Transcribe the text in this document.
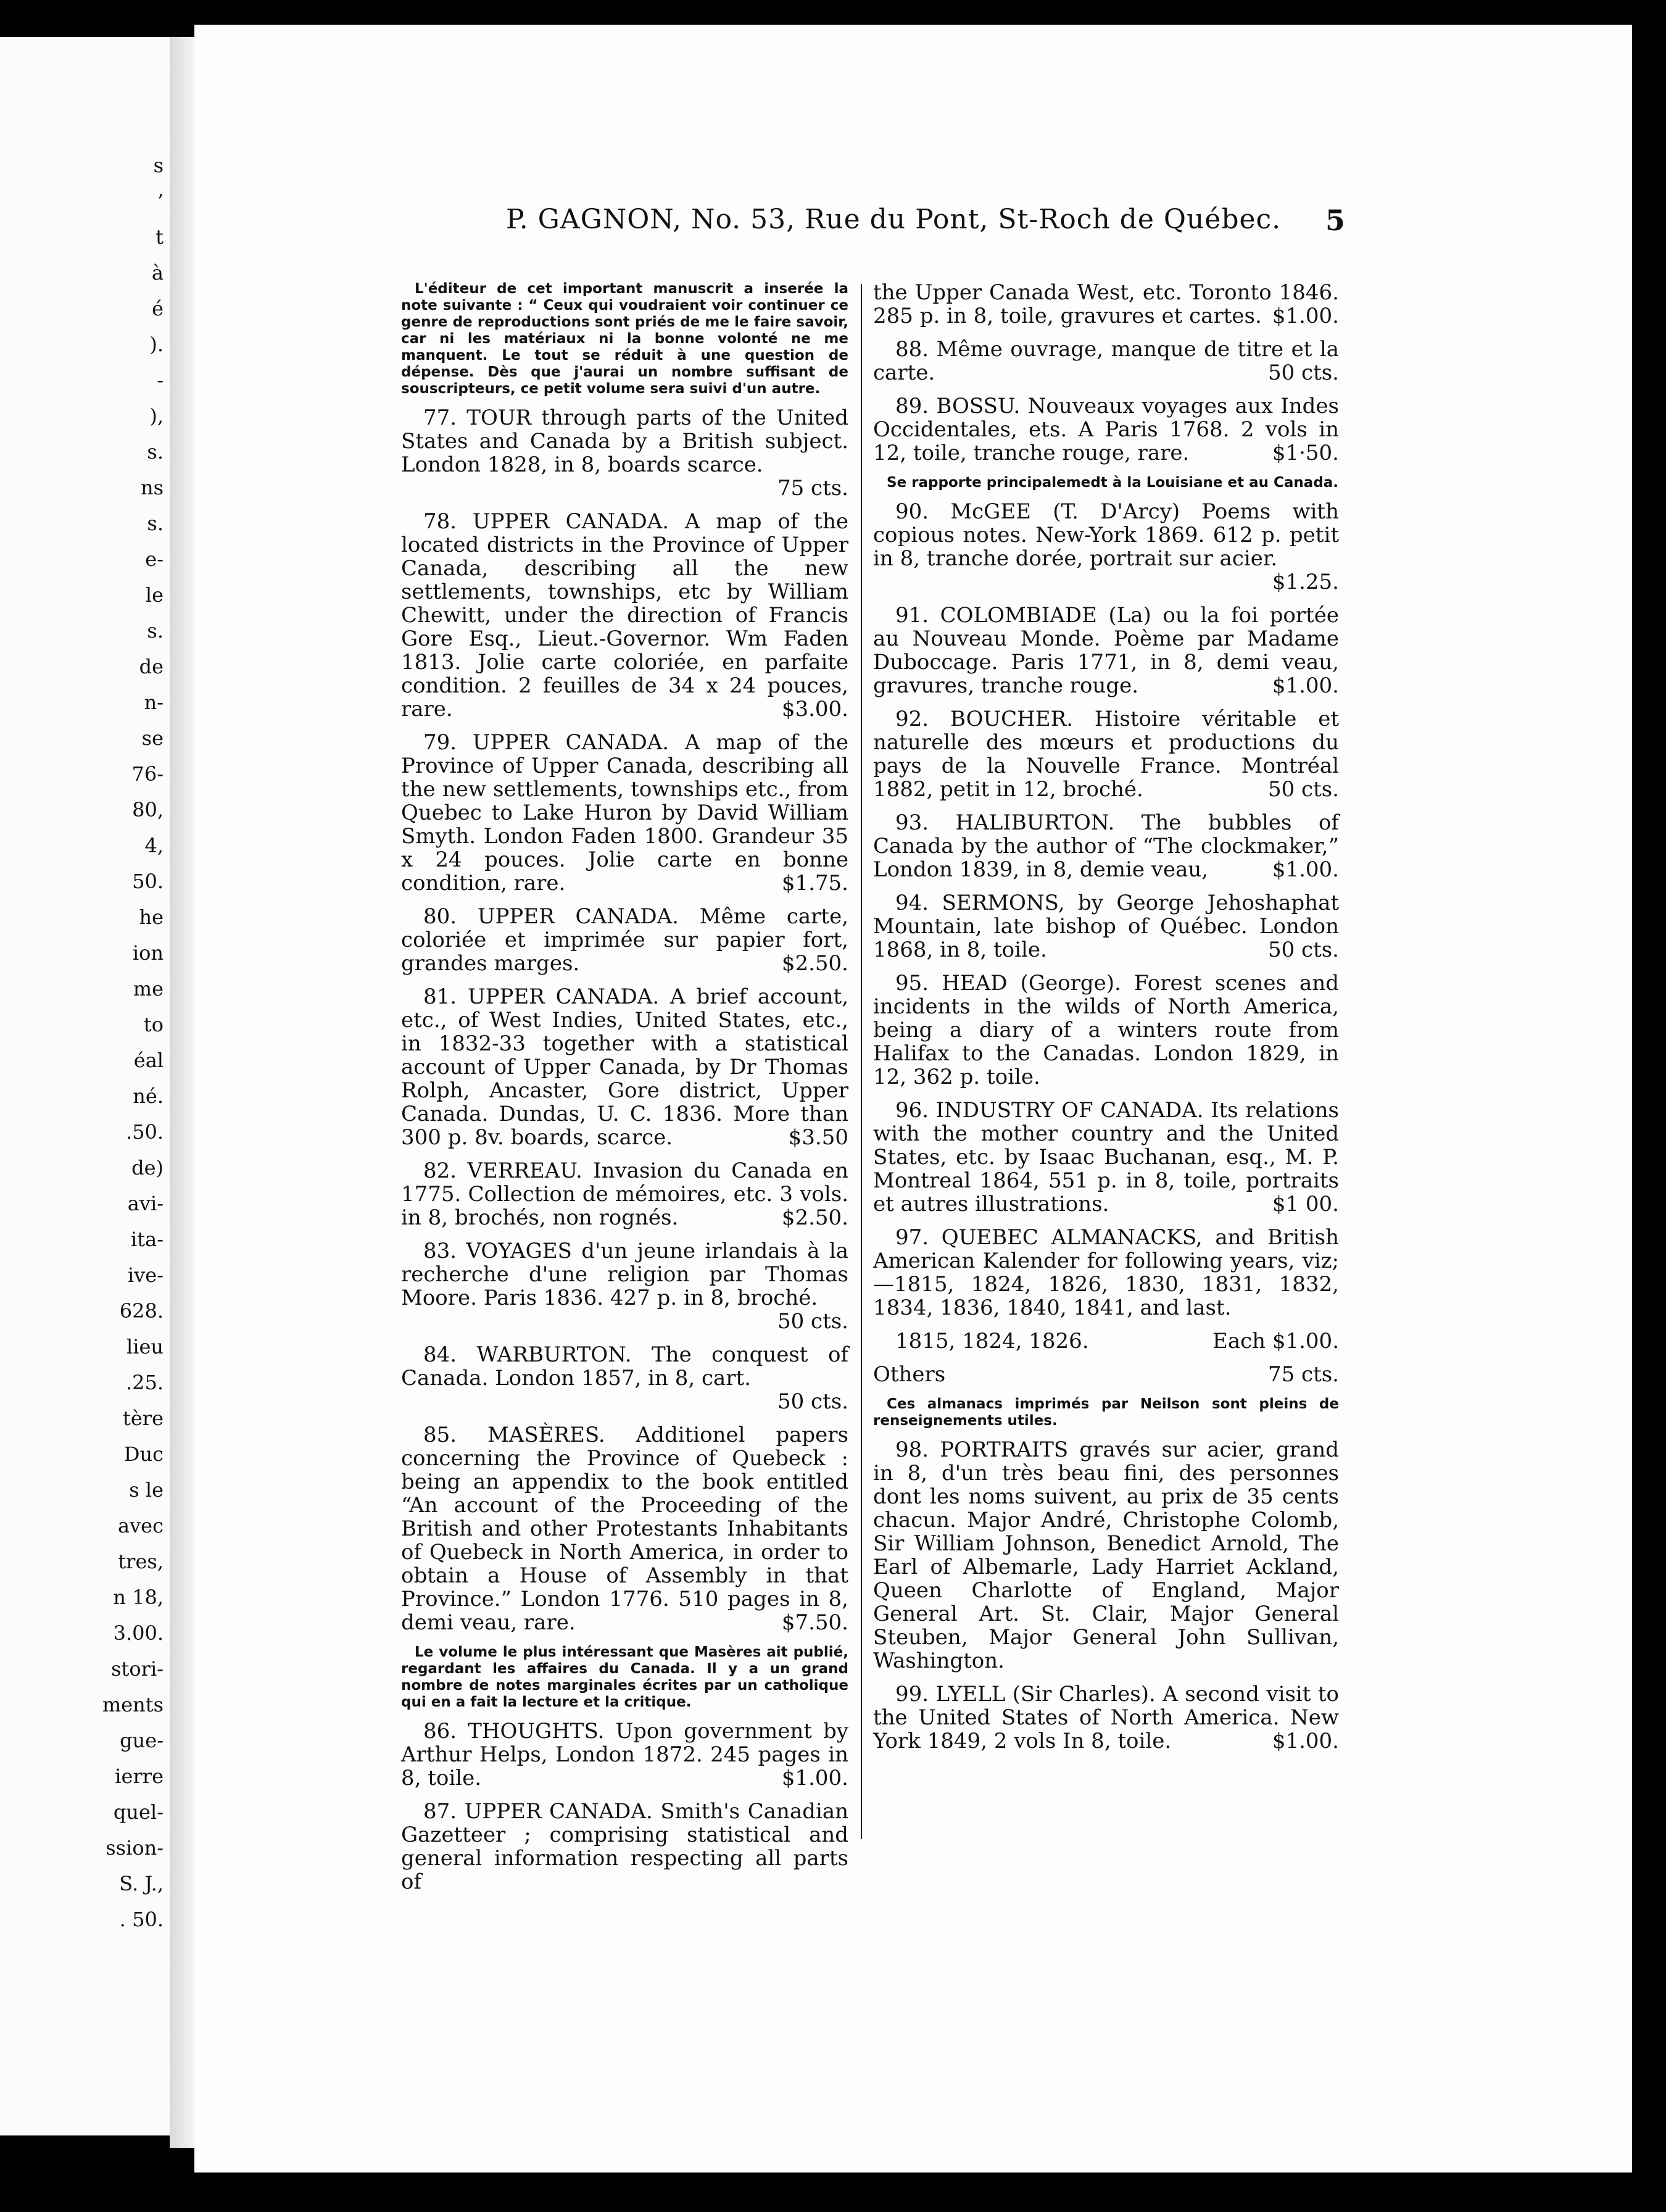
s
’
t
à
é
).
-
),
s.
ns
s.
e-
le
s.
de
n-
se
76-
80,
4,
50.
he
ion
me
to
éal
né.
.50.
de)
avi-
ita-
ive-
628.
lieu
.25.
tère
Duc
s le
avec
tres,
n 18,
3.00.
stori-
ments
gue-
ierre
quel-
ssion-
S. J.,
. 50.
P. GAGNON, No. 53, Rue du Pont, St-Roch de Québec. 5
L'éditeur de cet important manuscrit a inserée la note suivante : “ Ceux qui voudraient voir continuer ce genre de reproductions sont priés de me le faire savoir, car ni les matériaux ni la bonne volonté ne me manquent. Le tout se réduit à une question de dépense. Dès que j'aurai un nombre suffisant de souscripteurs, ce petit volume sera suivi d'un autre.
77. TOUR through parts of the United States and Canada by a British subject. London 1828, in 8, boards scarce.
75 cts.
78. UPPER CANADA. A map of the located districts in the Province of Upper Canada, describing all the new settlements, townships, etc by William Chewitt, under the direction of Francis Gore Esq., Lieut.-Governor. Wm Faden 1813. Jolie carte coloriée, en parfaite condition. 2 feuilles de 34 x 24 pouces, rare.	$3.00.
79. UPPER CANADA. A map of the Province of Upper Canada, describing all the new settlements, townships etc., from Quebec to Lake Huron by David William Smyth. London Faden 1800. Grandeur 35 x 24 pouces. Jolie carte en bonne condition, rare.	$1.75.
80. UPPER CANADA. Même carte, coloriée et imprimée sur papier fort, grandes marges.	$2.50.
81. UPPER CANADA. A brief account, etc., of West Indies, United States, etc., in 1832-33 together with a statistical account of Upper Canada, by Dr Thomas Rolph, Ancaster, Gore district, Upper Canada. Dundas, U. C. 1836. More than 300 p. 8v. boards, scarce.	$3.50
82. VERREAU. Invasion du Canada en 1775. Collection de mémoires, etc. 3 vols. in 8, brochés, non rognés.	$2.50.
83. VOYAGES d'un jeune irlandais à la recherche d'une religion par Thomas Moore. Paris 1836. 427 p. in 8, broché.
50 cts.
84. WARBURTON. The conquest of Canada. London 1857, in 8, cart.
50 cts.
85. MASÈRES. Additionel papers concerning the Province of Quebeck : being an appendix to the book entitled “An account of the Proceeding of the British and other Protestants Inhabitants of Quebeck in North America, in order to obtain a House of Assembly in that Province.” London 1776. 510 pages in 8, demi veau, rare.	$7.50.
Le volume le plus intéressant que Masères ait publié, regardant les affaires du Canada. Il y a un grand nombre de notes marginales écrites par un catholique qui en a fait la lecture et la critique.
86. THOUGHTS. Upon government by Arthur Helps, London 1872. 245 pages in 8, toile.	$1.00.
87. UPPER CANADA. Smith's Canadian Gazetteer ; comprising statistical and general information respecting all parts of
the Upper Canada West, etc. Toronto 1846. 285 p. in 8, toile, gravures et cartes. $1.00.
88. Même ouvrage, manque de titre et la carte.	50 cts.
89. BOSSU. Nouveaux voyages aux Indes Occidentales, ets. A Paris 1768. 2 vols in 12, toile, tranche rouge, rare.	$1·50.
Se rapporte principalemedt à la Louisiane et au Canada.
90. McGEE (T. D'Arcy) Poems with copious notes. New-York 1869. 612 p. petit in 8, tranche dorée, portrait sur acier.
$1.25.
91. COLOMBIADE (La) ou la foi portée au Nouveau Monde. Poème par Madame Duboccage. Paris 1771, in 8, demi veau, gravures, tranche rouge.	$1.00.
92. BOUCHER. Histoire véritable et naturelle des mœurs et productions du pays de la Nouvelle France. Montréal 1882, petit in 12, broché.	50 cts.
93. HALIBURTON. The bubbles of Canada by the author of “The clockmaker,” London 1839, in 8, demie veau,	$1.00.
94. SERMONS, by George Jehoshaphat Mountain, late bishop of Québec. London 1868, in 8, toile.	50 cts.
95. HEAD (George). Forest scenes and incidents in the wilds of North America, being a diary of a winters route from Halifax to the Canadas. London 1829, in 12, 362 p. toile.
96. INDUSTRY OF CANADA. Its relations with the mother country and the United States, etc. by Isaac Buchanan, esq., M. P. Montreal 1864, 551 p. in 8, toile, portraits et autres illustrations.	$1 00.
97. QUEBEC ALMANACKS, and British American Kalender for following years, viz;—1815, 1824, 1826, 1830, 1831, 1832, 1834, 1836, 1840, 1841, and last.
1815, 1824, 1826.	Each $1.00.
Others	75 cts.
Ces almanacs imprimés par Neilson sont pleins de renseignements utiles.
98. PORTRAITS gravés sur acier, grand in 8, d'un très beau fini, des personnes dont les noms suivent, au prix de 35 cents chacun. Major André, Christophe Colomb, Sir William Johnson, Benedict Arnold, The Earl of Albemarle, Lady Harriet Ackland, Queen Charlotte of England, Major General Art. St. Clair, Major General Steuben, Major General John Sullivan, Washington.
99. LYELL (Sir Charles). A second visit to the United States of North America. New York 1849, 2 vols In 8, toile.	$1.00.
